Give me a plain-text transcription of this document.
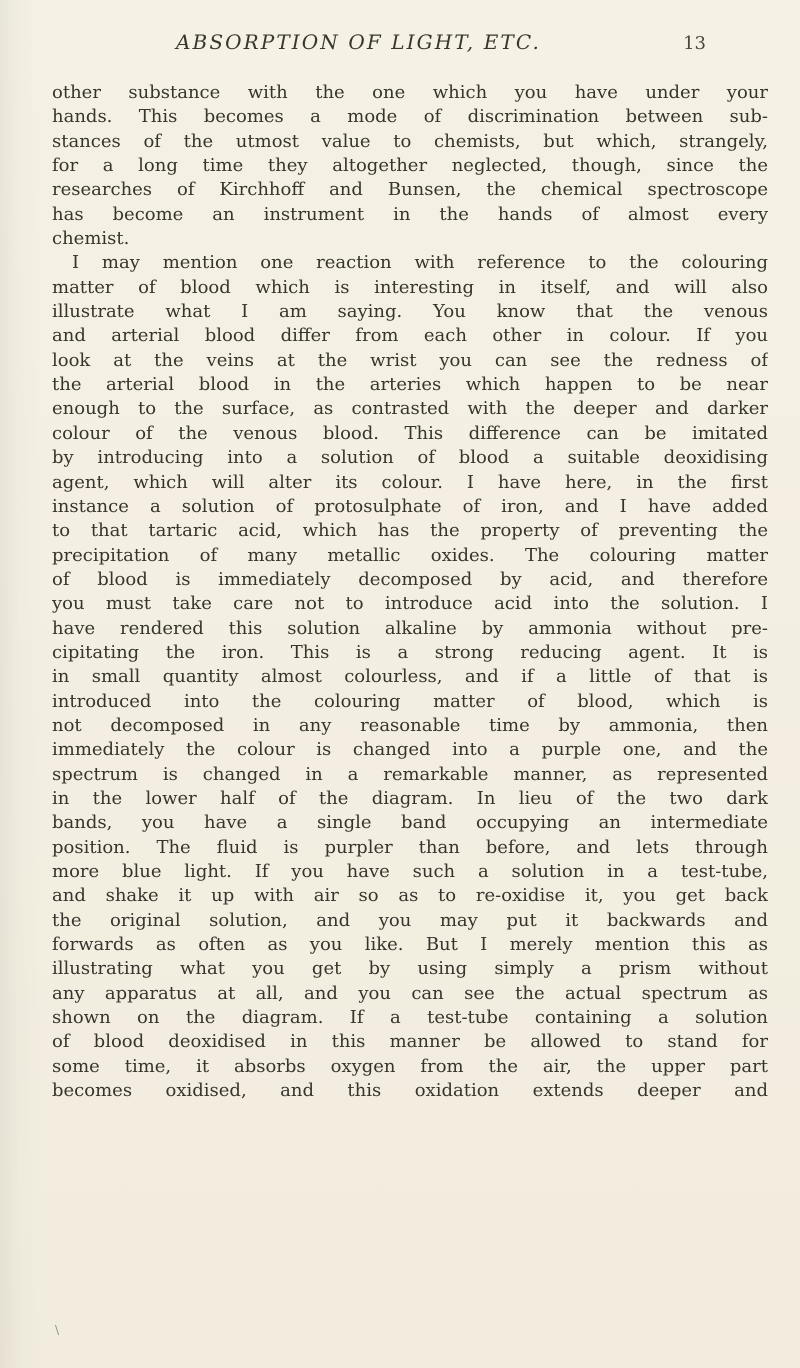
ABSORPTION OF LIGHT, ETC.	13
other substance with the one which you have under your
hands. This becomes a mode of discrimination between sub-
stances of the utmost value to chemists, but which, strangely,
for a long time they altogether neglected, though, since the
researches of Kirchhoff and Bunsen, the chemical spectroscope
has become an instrument in the hands of almost every
chemist.
I may mention one reaction with reference to the colouring
matter of blood which is interesting in itself, and will also
illustrate what I am saying. You know that the venous
and arterial blood differ from each other in colour. If you
look at the veins at the wrist you can see the redness of
the arterial blood in the arteries which happen to be near
enough to the surface, as contrasted with the deeper and darker
colour of the venous blood. This difference can be imitated
by introducing into a solution of blood a suitable deoxidising
agent, which will alter its colour. I have here, in the first
instance a solution of protosulphate of iron, and I have added
to that tartaric acid, which has the property of preventing the
precipitation of many metallic oxides. The colouring matter
of blood is immediately decomposed by acid, and therefore
you must take care not to introduce acid into the solution. I
have rendered this solution alkaline by ammonia without pre-
cipitating the iron. This is a strong reducing agent. It is
in small quantity almost colourless, and if a little of that is
introduced into the colouring matter of blood, which is
not decomposed in any reasonable time by ammonia, then
immediately the colour is changed into a purple one, and the
spectrum is changed in a remarkable manner, as represented
in the lower half of the diagram. In lieu of the two dark
bands, you have a single band occupying an intermediate
position. The fluid is purpler than before, and lets through
more blue light. If you have such a solution in a test-tube,
and shake it up with air so as to re-oxidise it, you get back
the original solution, and you may put it backwards and
forwards as often as you like. But I merely mention this as
illustrating what you get by using simply a prism without
any apparatus at all, and you can see the actual spectrum as
shown on the diagram. If a test-tube containing a solution
of blood deoxidised in this manner be allowed to stand for
some time, it absorbs oxygen from the air, the upper part
becomes oxidised, and this oxidation extends deeper and
\
